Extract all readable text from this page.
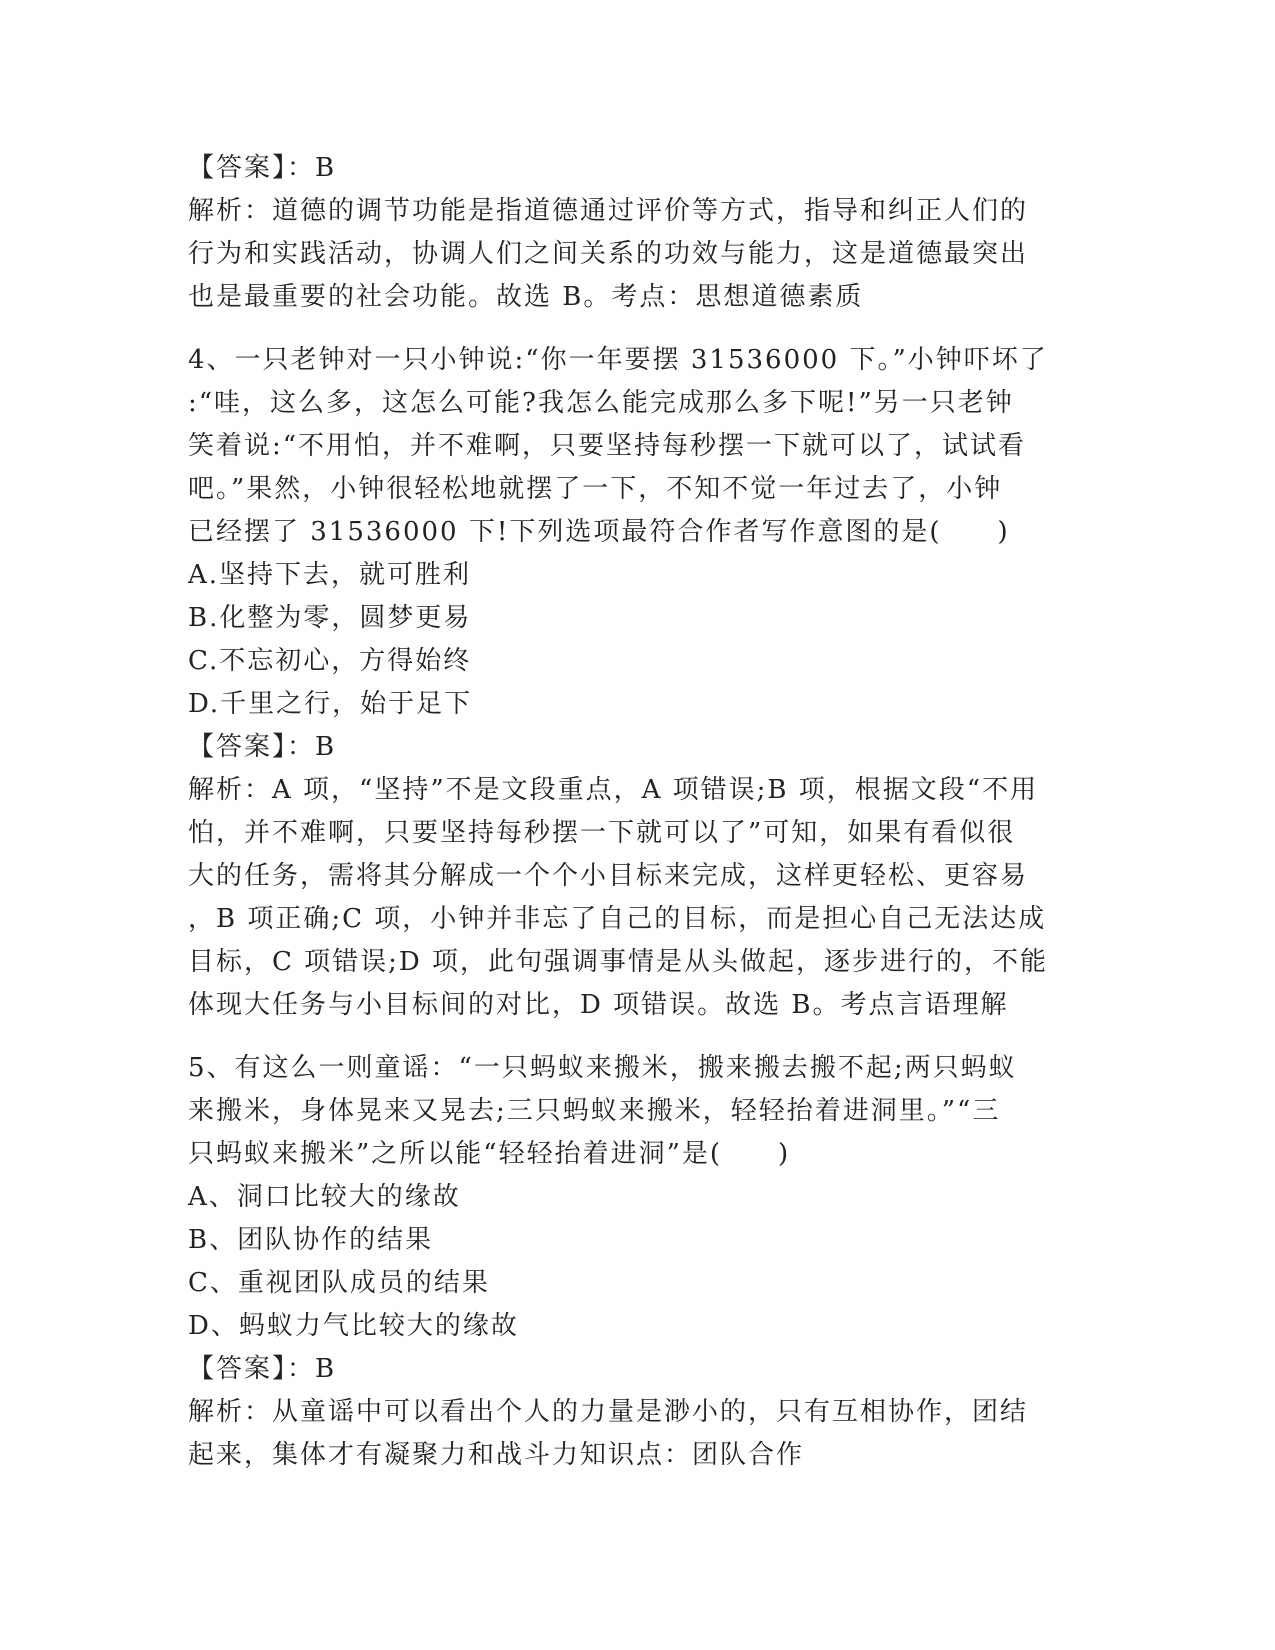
【答案】：B
解析：道德的调节功能是指道德通过评价等方式，指导和纠正人们的
行为和实践活动，协调人们之间关系的功效与能力，这是道德最突出
也是最重要的社会功能。故选 B。考点：思想道德素质
4、一只老钟对一只小钟说:“你一年要摆 31536000 下。”小钟吓坏了
:“哇，这么多，这怎么可能?我怎么能完成那么多下呢!”另一只老钟
笑着说:“不用怕，并不难啊，只要坚持每秒摆一下就可以了，试试看
吧。”果然，小钟很轻松地就摆了一下，不知不觉一年过去了，小钟
已经摆了 31536000 下!下列选项最符合作者写作意图的是(　　)
A.坚持下去，就可胜利
B.化整为零，圆梦更易
C.不忘初心，方得始终
D.千里之行，始于足下
【答案】：B
解析：A 项，“坚持”不是文段重点，A 项错误;B 项，根据文段“不用
怕，并不难啊，只要坚持每秒摆一下就可以了”可知，如果有看似很
大的任务，需将其分解成一个个小目标来完成，这样更轻松、更容易
，B 项正确;C 项，小钟并非忘了自己的目标，而是担心自己无法达成
目标，C 项错误;D 项，此句强调事情是从头做起，逐步进行的，不能
体现大任务与小目标间的对比，D 项错误。故选 B。考点言语理解
5、有这么一则童谣：“一只蚂蚁来搬米，搬来搬去搬不起;两只蚂蚁
来搬米，身体晃来又晃去;三只蚂蚁来搬米，轻轻抬着进洞里。”“三
只蚂蚁来搬米”之所以能“轻轻抬着进洞”是(　　)
A、洞口比较大的缘故
B、团队协作的结果
C、重视团队成员的结果
D、蚂蚁力气比较大的缘故
【答案】：B
解析：从童谣中可以看出个人的力量是渺小的，只有互相协作，团结
起来，集体才有凝聚力和战斗力知识点：团队合作
